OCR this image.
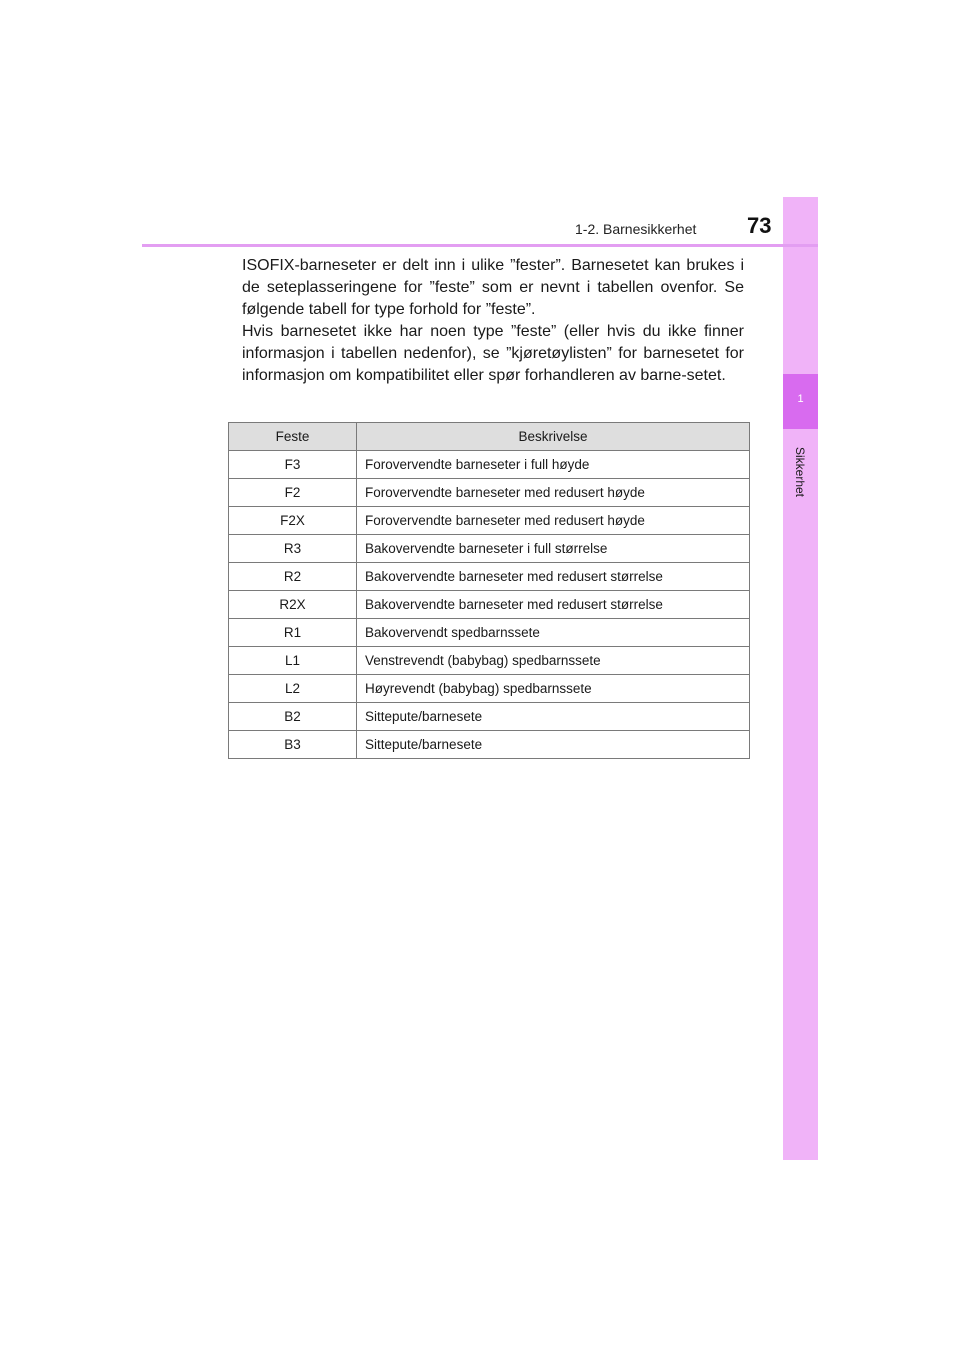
1
Sikkerhet
1-2. Barnesikkerhet 73

ISOFIX-barneseter er delt inn i ulike ”fester”. Barnesetet kan brukes i de seteplasseringene for ”feste” som er nevnt i tabellen ovenfor. Se følgende tabell for type forhold for ”feste”.

Hvis barnesetet ikke har noen type ”feste” (eller hvis du ikke finner informasjon i tabellen nedenfor), se ”kjøretøylisten” for barnesetet for informasjon om kompatibilitet eller spør forhandleren av barne-setet.

Feste	Beskrivelse
F3	Forovervendte barneseter i full høyde
F2	Forovervendte barneseter med redusert høyde
F2X	Forovervendte barneseter med redusert høyde
R3	Bakovervendte barneseter i full størrelse
R2	Bakovervendte barneseter med redusert størrelse
R2X	Bakovervendte barneseter med redusert størrelse
R1	Bakovervendt spedbarnssete
L1	Venstrevendt (babybag) spedbarnssete
L2	Høyrevendt (babybag) spedbarnssete
B2	Sittepute/barnesete
B3	Sittepute/barnesete
